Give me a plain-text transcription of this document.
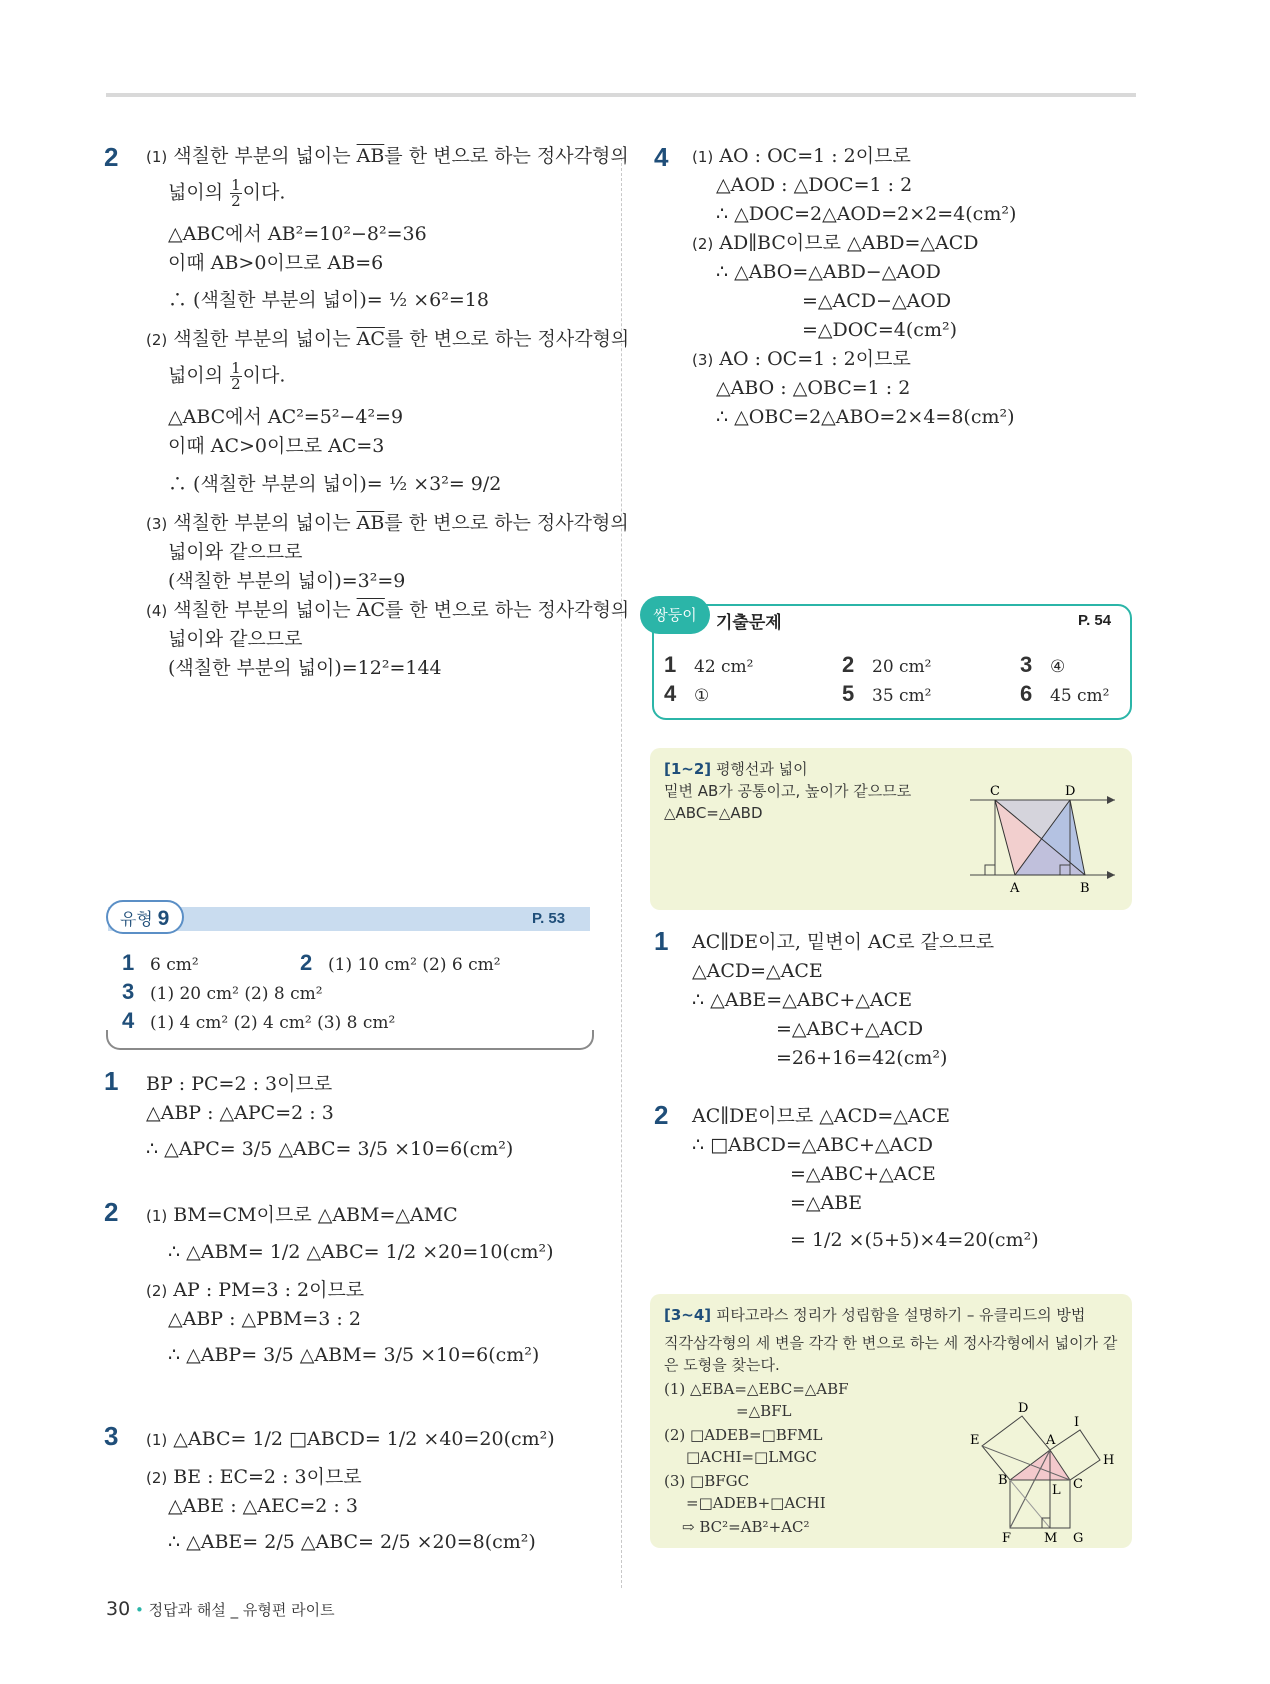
2 (1) 색칠한 부분의 넓이는 $\overline{AB}$를 한 변으로 하는 정사각형의
넓이의 $\frac{1}{2}$ 이다.
△ABC에서 AB²=10²−8²=36
이때 AB>0이므로 AB=6
∴ (색칠한 부분의 넓이)= ½ ×6²=18
(2) 색칠한 부분의 넓이는 $\overline{AC}$를 한 변으로 하는 정사각형의
넓이의 $\frac{1}{2}$ 이다.
△ABC에서 AC²=5²−4²=9
이때 AC>0이므로 AC=3
∴ (색칠한 부분의 넓이)= ½ ×3²= 9/2
(3) 색칠한 부분의 넓이는 $\overline{AB}$를 한 변으로 하는 정사각형의
넓이와 같으므로
(색칠한 부분의 넓이)=3²=9
(4) 색칠한 부분의 넓이는 $\overline{AC}$를 한 변으로 하는 정사각형의
넓이와 같으므로
(색칠한 부분의 넓이)=12²=144
유형 9	P. 53
1 6 cm²	2 (1) 10 cm² (2) 6 cm²
3 (1) 20 cm² (2) 8 cm²
4 (1) 4 cm² (2) 4 cm² (3) 8 cm²
1 BP : PC=2 : 3이므로
△ABP : △APC=2 : 3
∴ △APC= 3/5 △ABC= 3/5 ×10=6(cm²)
2 (1) BM=CM이므로 △ABM=△AMC
∴ △ABM= 1/2 △ABC= 1/2 ×20=10(cm²)
(2) AP : PM=3 : 2이므로
△ABP : △PBM=3 : 2
∴ △ABP= 3/5 △ABM= 3/5 ×10=6(cm²)
3 (1) △ABC= 1/2 □ABCD= 1/2 ×40=20(cm²)
(2) BE : EC=2 : 3이므로
△ABE : △AEC=2 : 3
∴ △ABE= 2/5 △ABC= 2/5 ×20=8(cm²)
4 (1) AO : OC=1 : 2이므로
△AOD : △DOC=1 : 2
∴ △DOC=2△AOD=2×2=4(cm²)
(2) AD∥BC이므로 △ABD=△ACD
∴ △ABO=△ABD−△AOD
=△ACD−△AOD
=△DOC=4(cm²)
(3) AO : OC=1 : 2이므로
△ABO : △OBC=1 : 2
∴ △OBC=2△ABO=2×4=8(cm²)
쌍둥이	기출문제	P. 54
1 42 cm²	2 20 cm²	3 ④
4 ①	5 35 cm²	6 45 cm²
[1~2] 평행선과 넓이
밑변 AB가 공통이고, 높이가 같으므로
△ABC=△ABD
C	D
A	B
1 AC∥DE이고, 밑변이 AC로 같으므로
△ACD=△ACE
∴ △ABE=△ABC+△ACE
=△ABC+△ACD
=26+16=42(cm²)
2 AC∥DE이므로 △ACD=△ACE
∴ □ABCD=△ABC+△ACD
=△ABC+△ACE
=△ABE
= 1/2 ×(5+5)×4=20(cm²)
[3~4] 피타고라스 정리가 성립함을 설명하기 – 유클리드의 방법
직각삼각형의 세 변을 각각 한 변으로 하는 세 정사각형에서 넓이가 같
은 도형을 찾는다.
(1) △EBA=△EBC=△ABF
=△BFL
(2) □ADEB=□BFML
□ACHI=□LMGC
(3) □BFGC
=□ADEB+□ACHI
⇨ BC²=AB²+AC²
D
I
E	A
H
B
L C
F	M G
30 • 정답과 해설 _ 유형편 라이트
